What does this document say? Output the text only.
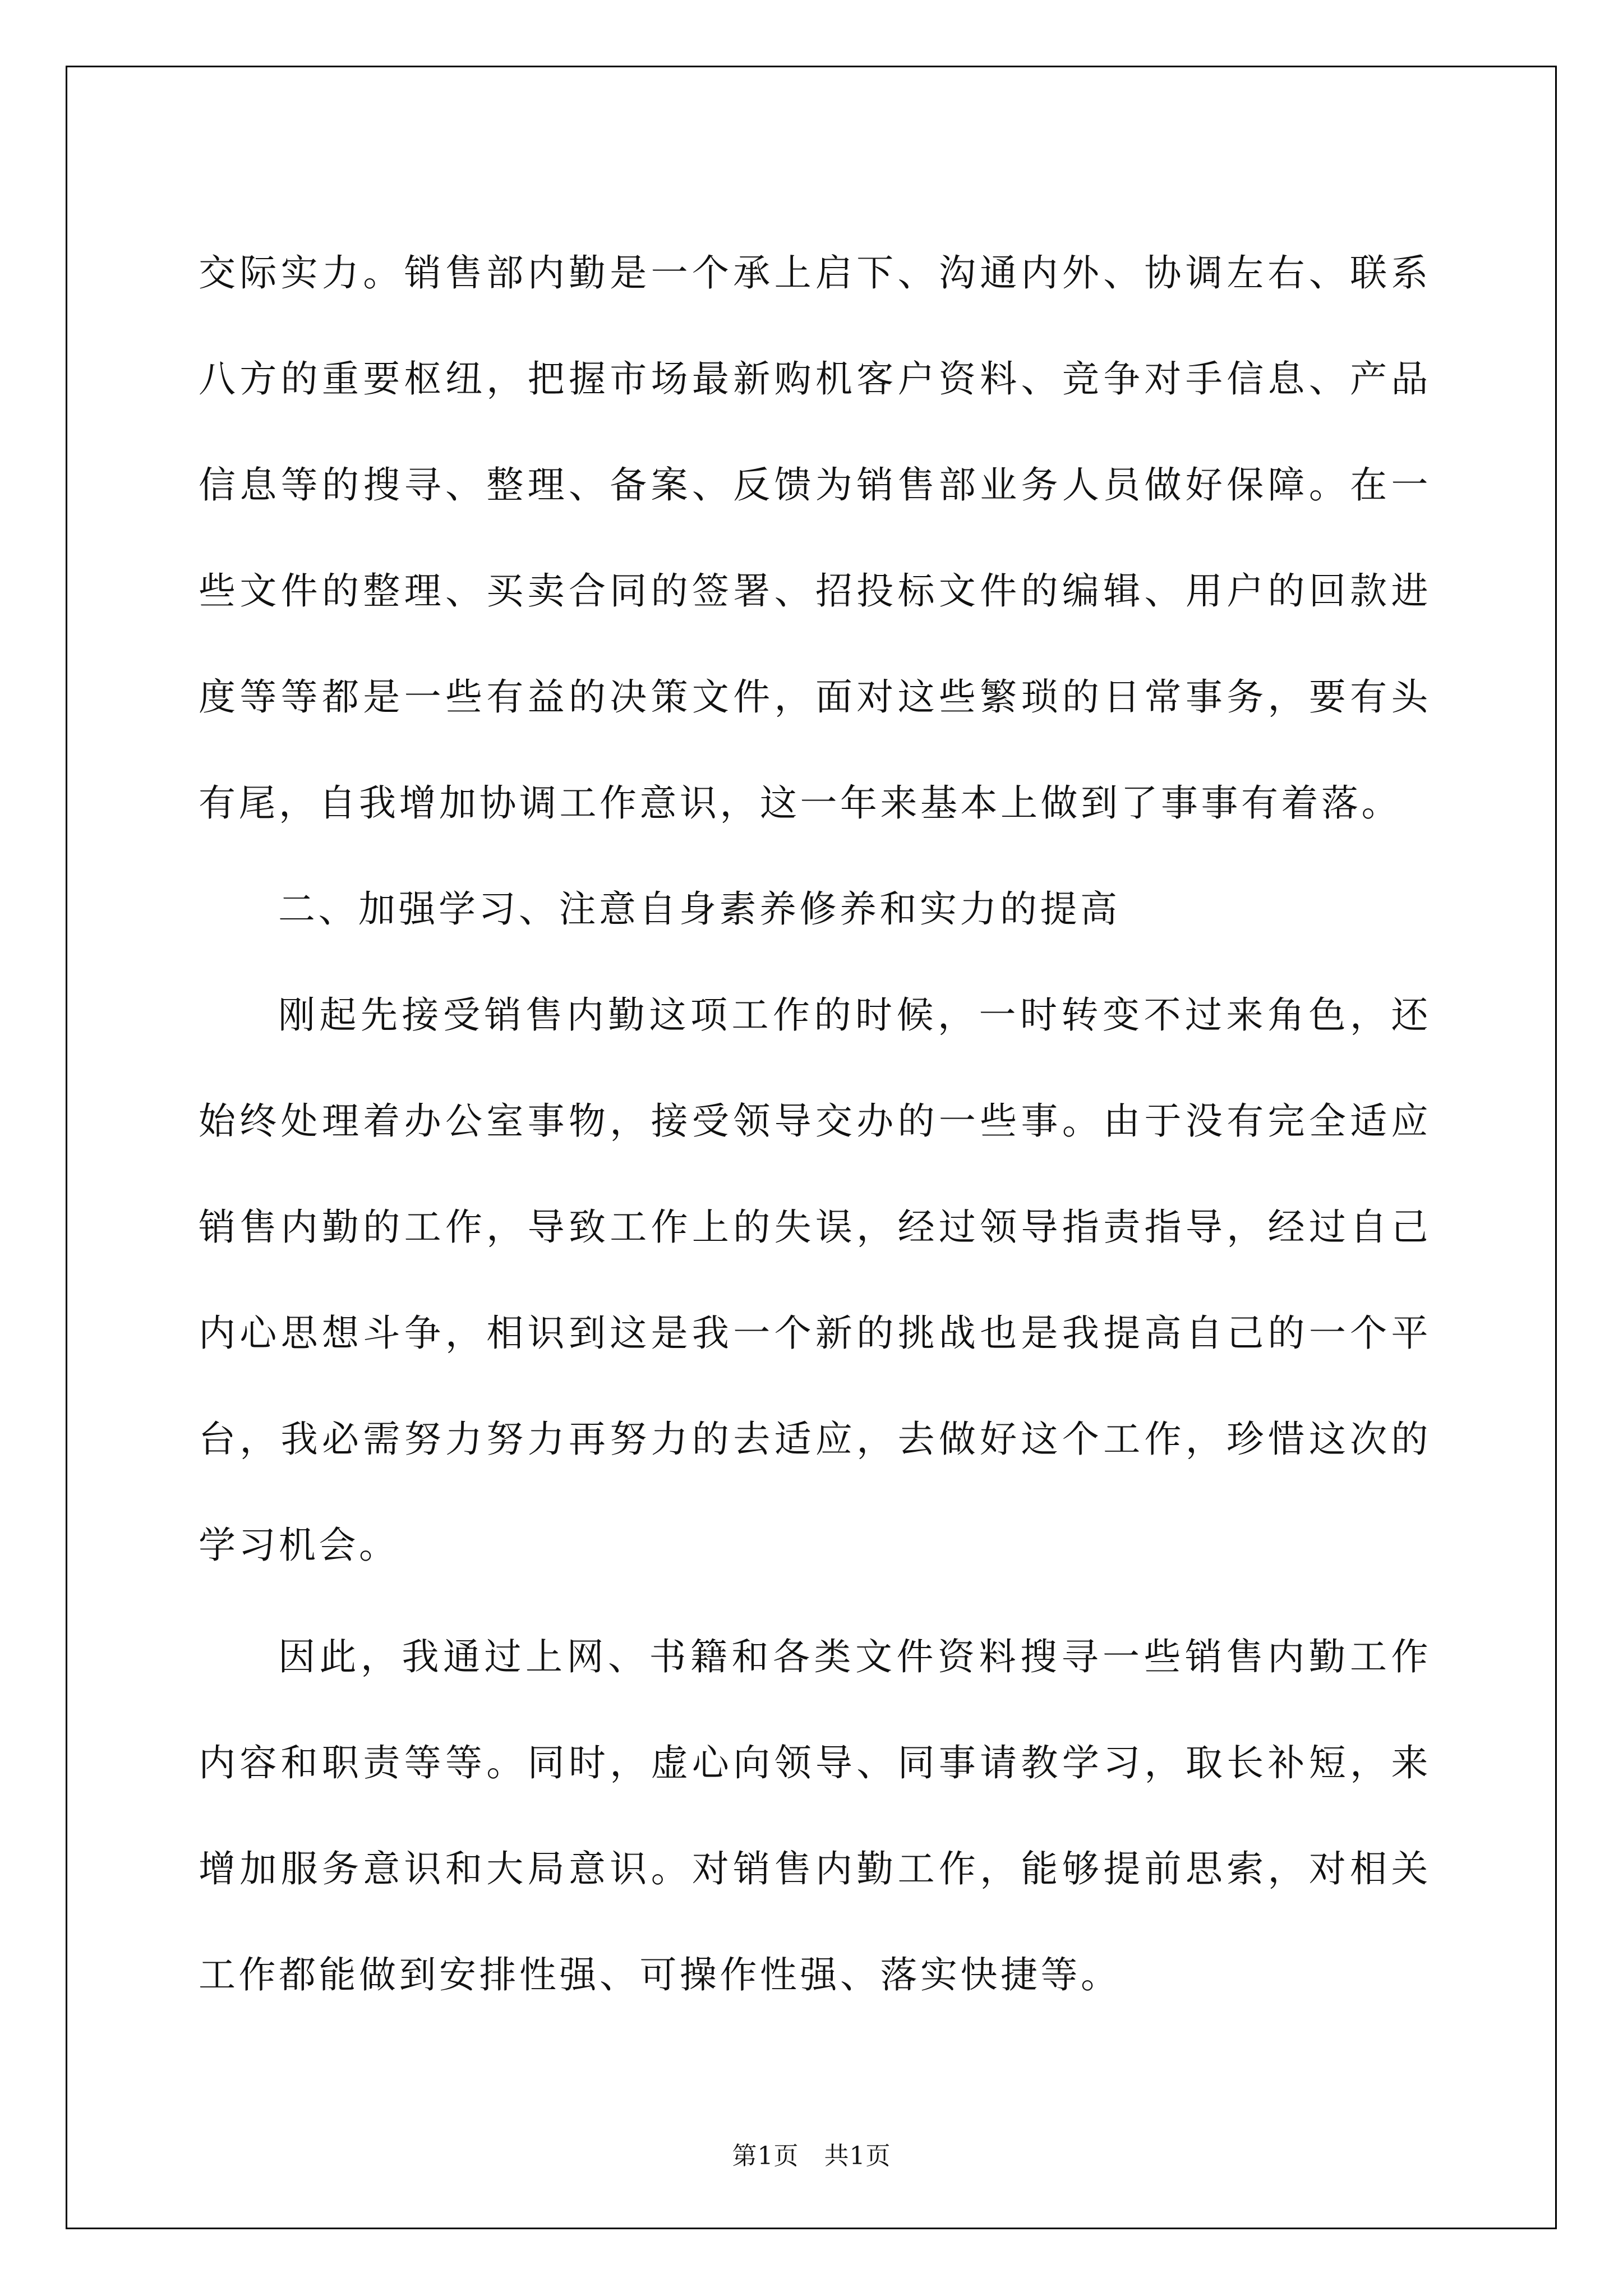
交际实力。销售部内勤是一个承上启下、沟通内外、协调左右、联系八方的重要枢纽，把握市场最新购机客户资料、竞争对手信息、产品信息等的搜寻、整理、备案、反馈为销售部业务人员做好保障。在一些文件的整理、买卖合同的签署、招投标文件的编辑、用户的回款进度等等都是一些有益的决策文件，面对这些繁琐的日常事务，要有头有尾，自我增加协调工作意识，这一年来基本上做到了事事有着落。

二、加强学习、注意自身素养修养和实力的提高

刚起先接受销售内勤这项工作的时候，一时转变不过来角色，还始终处理着办公室事物，接受领导交办的一些事。由于没有完全适应销售内勤的工作，导致工作上的失误，经过领导指责指导，经过自己内心思想斗争，相识到这是我一个新的挑战也是我提高自己的一个平台，我必需努力努力再努力的去适应，去做好这个工作，珍惜这次的学习机会。

因此，我通过上网、书籍和各类文件资料搜寻一些销售内勤工作内容和职责等等。同时，虚心向领导、同事请教学习，取长补短，来增加服务意识和大局意识。对销售内勤工作，能够提前思索，对相关工作都能做到安排性强、可操作性强、落实快捷等。

第1页   共1页
